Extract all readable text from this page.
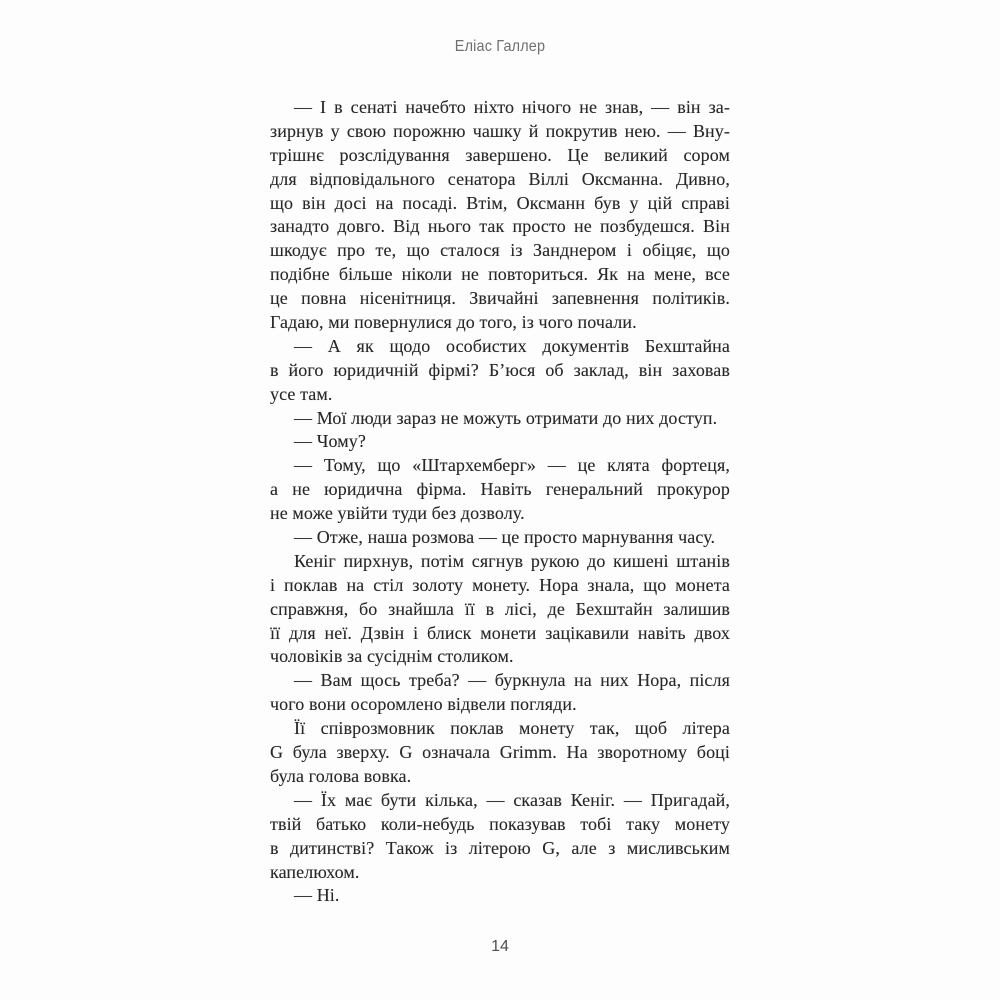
Еліас Галлер
— І в сенаті начебто ніхто нічого не знав, — він за-
зирнув у свою порожню чашку й покрутив нею. — Вну-
трішнє розслідування завершено. Це великий сором
для відповідального сенатора Віллі Оксманна. Дивно,
що він досі на посаді. Втім, Оксманн був у цій справі
занадто довго. Від нього так просто не позбудешся. Він
шкодує про те, що сталося із Занднером і обіцяє, що
подібне більше ніколи не повториться. Як на мене, все
це повна нісенітниця. Звичайні запевнення політиків.
Гадаю, ми повернулися до того, із чого почали.
— А як щодо особистих документів Бехштайна
в його юридичній фірмі? Б’юся об заклад, він заховав
усе там.
— Мої люди зараз не можуть отримати до них доступ.
— Чому?
— Тому, що «Штархемберг» — це клята фортеця,
а не юридична фірма. Навіть генеральний прокурор
не може увійти туди без дозволу.
— Отже, наша розмова — це просто марнування часу.
Кеніг пирхнув, потім сягнув рукою до кишені штанів
і поклав на стіл золоту монету. Нора знала, що монета
справжня, бо знайшла її в лісі, де Бехштайн залишив
її для неї. Дзвін і блиск монети зацікавили навіть двох
чоловіків за сусіднім столиком.
— Вам щось треба? — буркнула на них Нора, після
чого вони осоромлено відвели погляди.
Її співрозмовник поклав монету так, щоб літера
G була зверху. G означала Grimm. На зворотному боці
була голова вовка.
— Їх має бути кілька, — сказав Кеніг. — Пригадай,
твій батько коли-небудь показував тобі таку монету
в дитинстві? Також із літерою G, але з мисливським
капелюхом.
— Ні.
14
